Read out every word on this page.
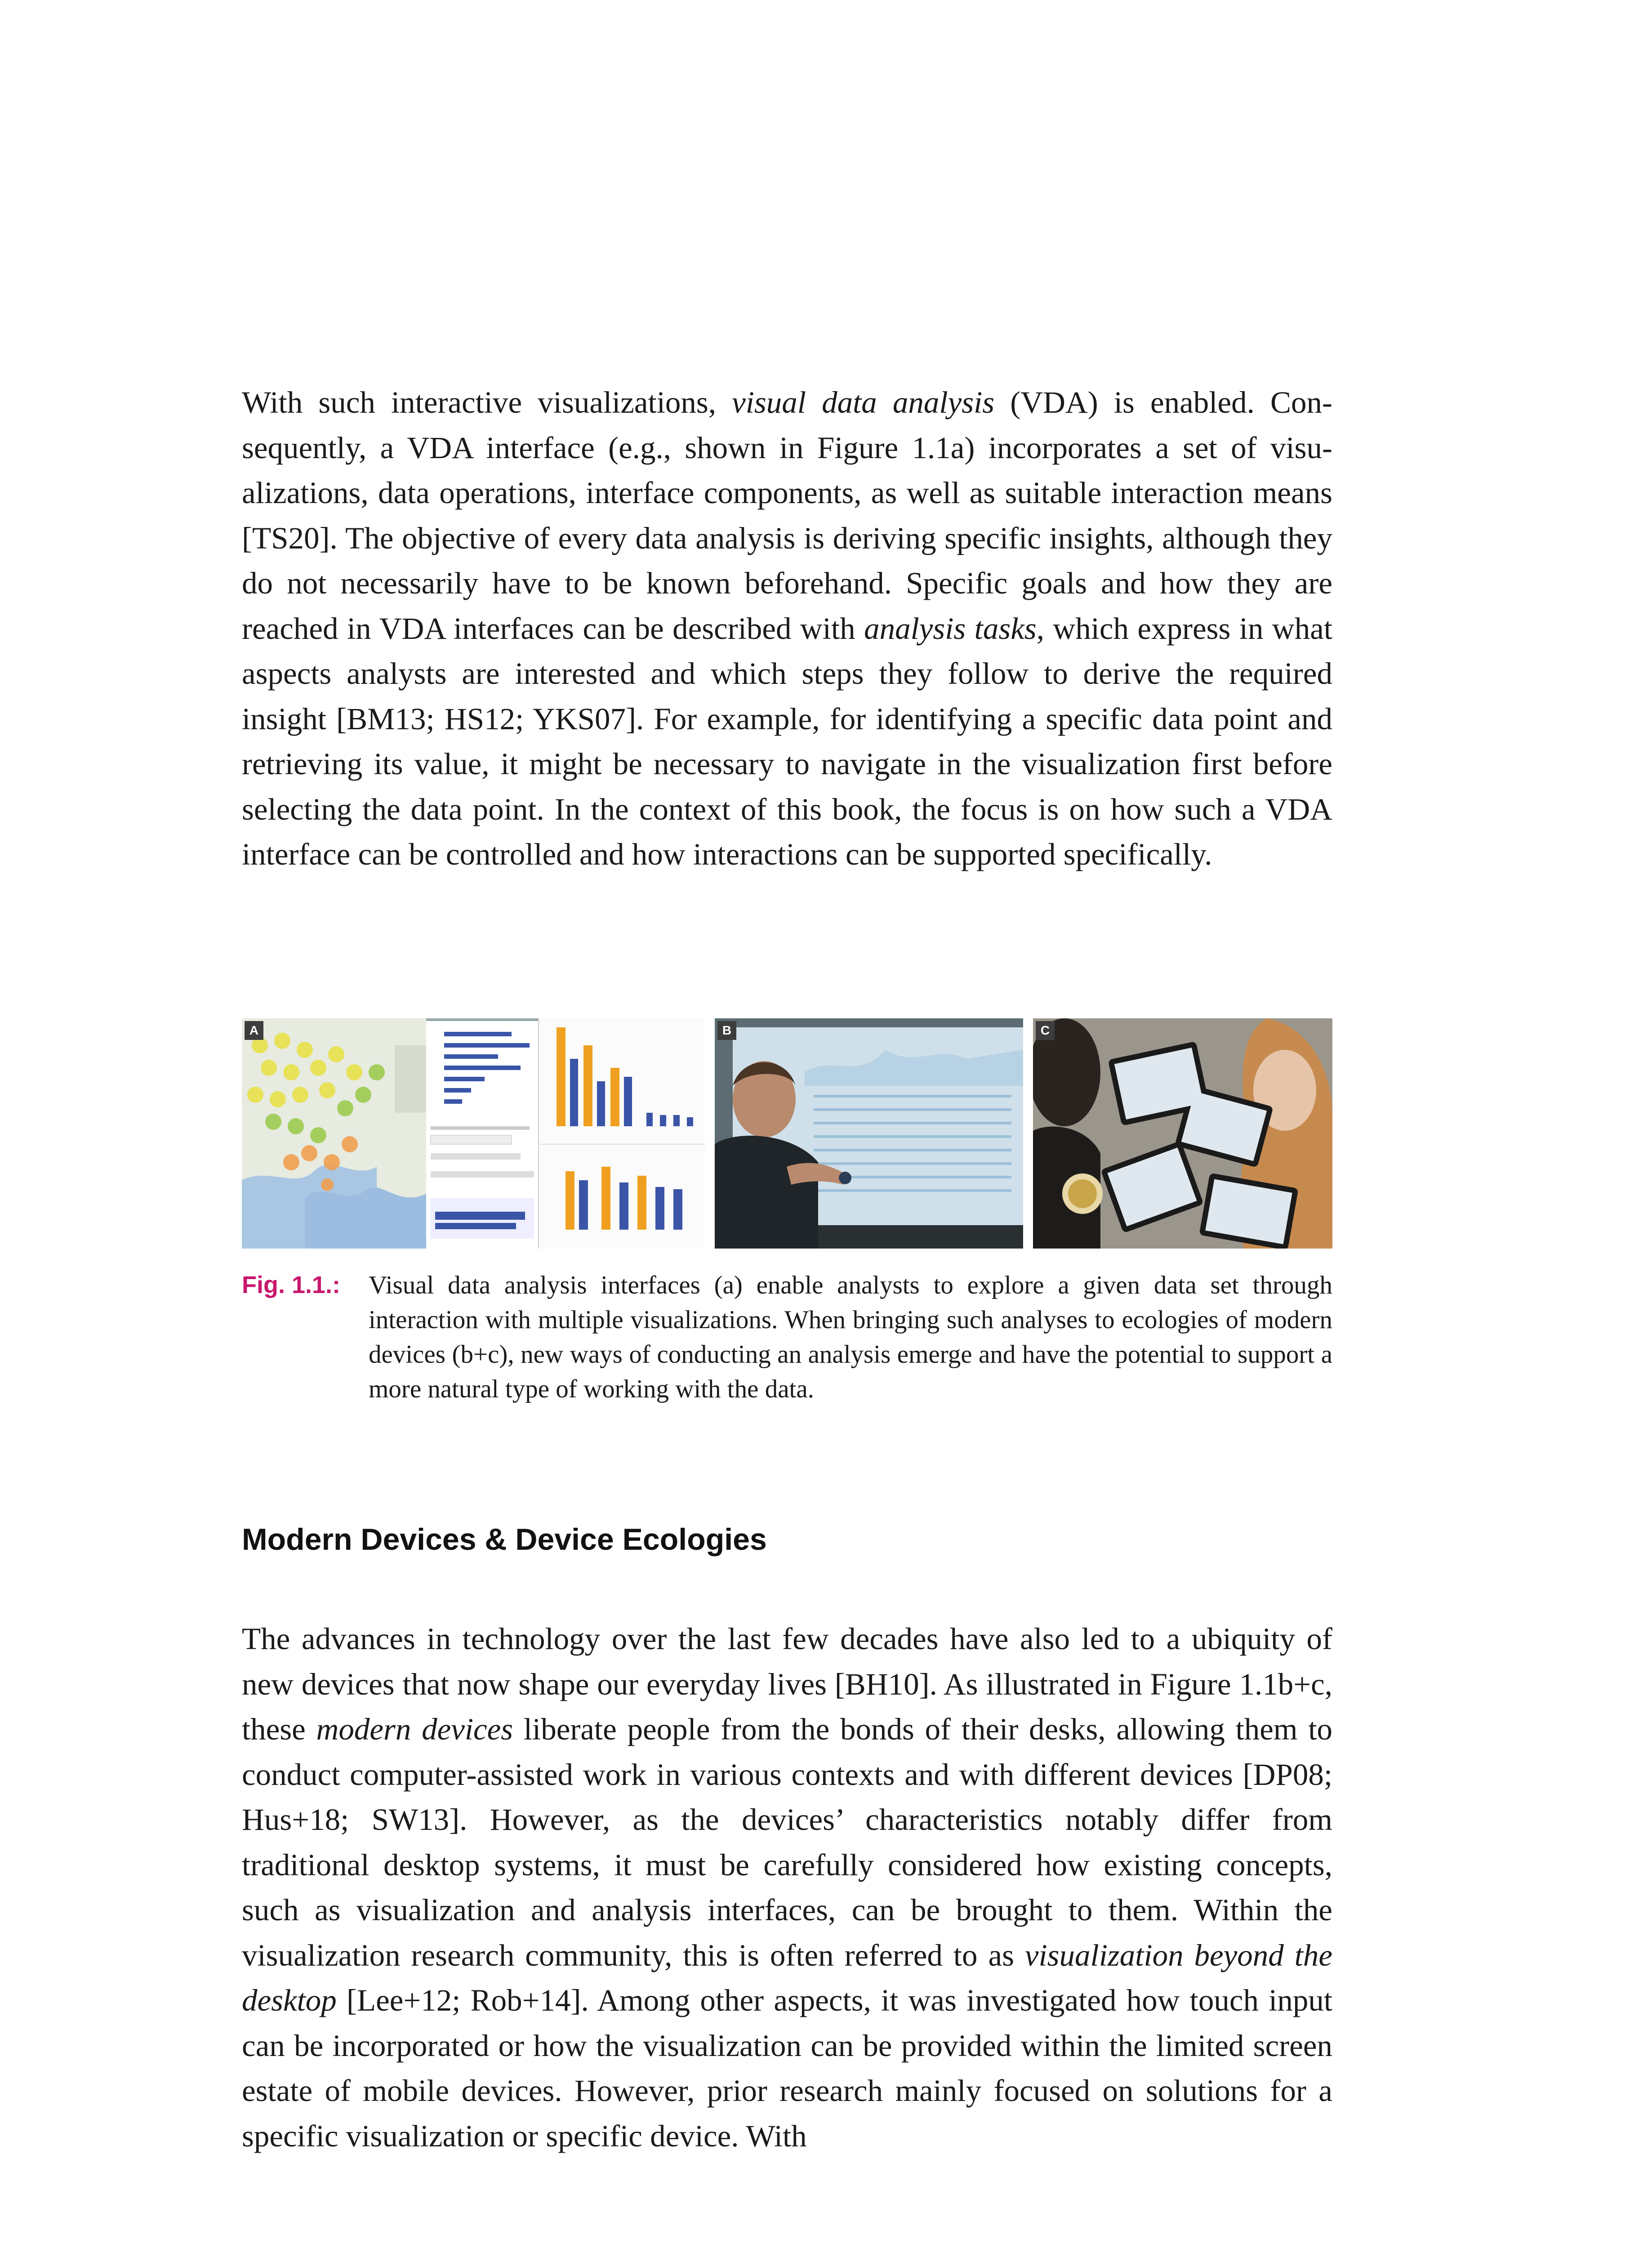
With such interactive visualizations, visual data analysis (VDA) is enabled. Consequently, a VDA interface (e.g., shown in Figure 1.1a) incorporates a set of visualizations, data operations, interface components, as well as suitable interaction means [TS20]. The objective of every data analysis is deriving specific insights, although they do not necessarily have to be known beforehand. Specific goals and how they are reached in VDA interfaces can be described with analysis tasks, which express in what aspects analysts are interested and which steps they follow to derive the required insight [BM13; HS12; YKS07]. For example, for identifying a specific data point and retrieving its value, it might be necessary to navigate in the visualization first before selecting the data point. In the context of this book, the focus is on how such a VDA interface can be controlled and how interactions can be supported specifically.
A	B	C
Fig. 1.1.: Visual data analysis interfaces (a) enable analysts to explore a given data set through interaction with multiple visualizations. When bringing such analyses to ecologies of modern devices (b+c), new ways of conducting an analysis emerge and have the potential to support a more natural type of working with the data.
Modern Devices & Device Ecologies
The advances in technology over the last few decades have also led to a ubiquity of new devices that now shape our everyday lives [BH10]. As illustrated in Figure 1.1b+c, these modern devices liberate people from the bonds of their desks, allowing them to conduct computer-assisted work in various contexts and with different devices [DP08; Hus+18; SW13]. However, as the devices’ characteristics notably differ from traditional desktop systems, it must be carefully considered how existing concepts, such as visualization and analysis interfaces, can be brought to them. Within the visualization research community, this is often referred to as visualization beyond the desktop [Lee+12; Rob+14]. Among other aspects, it was investigated how touch input can be incorporated or how the visualization can be provided within the limited screen estate of mobile devices. However, prior research mainly focused on solutions for a specific visualization or specific device. With
